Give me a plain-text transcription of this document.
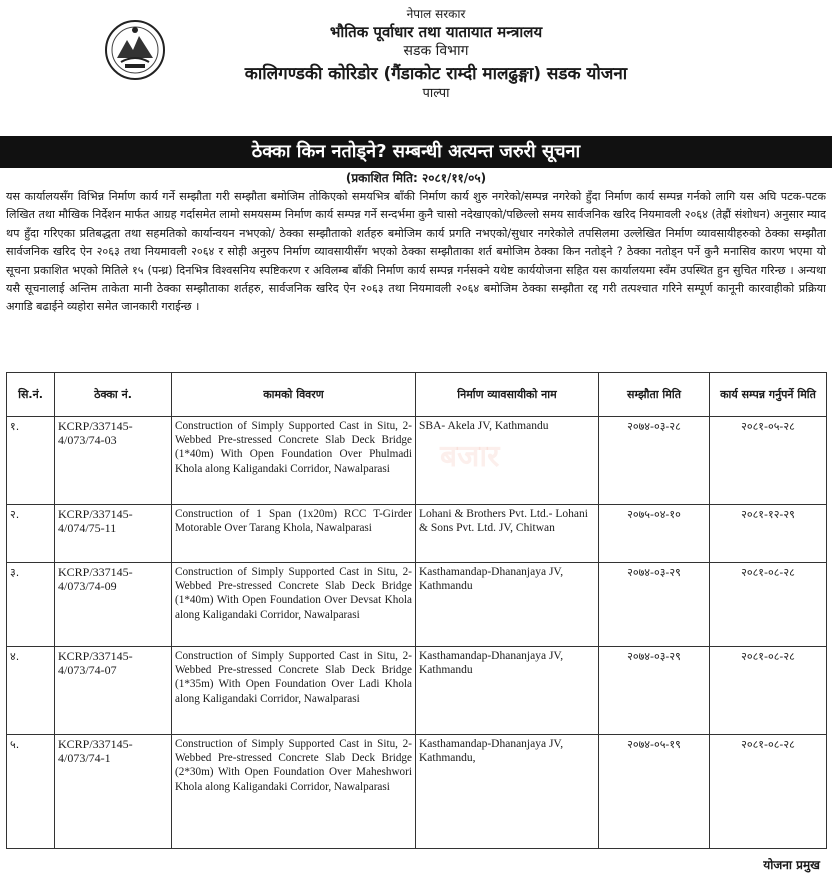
नेपाल सरकार
भौतिक पूर्वाधार तथा यातायात मन्त्रालय
सडक विभाग
कालिगण्डकी कोरिडोर (गैंडाकोट राम्दी मालढुङ्गा) सडक योजना
पाल्पा
ठेक्का किन नतोड्ने? सम्बन्धी अत्यन्त जरुरी सूचना
(प्रकाशित मिति: २०८१/११/०५)
यस कार्यालयसँग विभिन्न निर्माण कार्य गर्ने सम्झौता गरी सम्झौता बमोजिम तोकिएको समयभित्र बाँकी निर्माण कार्य शुरु नगरेको/सम्पन्न नगरेको हुँदा निर्माण कार्य सम्पन्न गर्नको लागि यस अघि पटक-पटक लिखित तथा मौखिक निर्देशन मार्फत आग्रह गर्दासमेत लामो समयसम्म निर्माण कार्य सम्पन्न गर्ने सन्दर्भमा कुनै चासो नदेखाएको/पछिल्लो समय सार्वजनिक खरिद नियमावली २०६४ (तेह्रौं संशोधन) अनुसार म्याद थप हुँदा गरिएका प्रतिबद्धता तथा सहमतिको कार्यान्वयन नभएको/ ठेक्का सम्झौताको शर्तहरु बमोजिम कार्य प्रगति नभएको/सुधार नगरेकोले तपसिलमा उल्लेखित निर्माण व्यावसायीहरुको ठेक्का सम्झौता सार्वजनिक खरिद ऐन २०६३ तथा नियमावली २०६४ र सोही अनुरुप निर्माण व्यावसायीसँग भएको ठेक्का सम्झौताका शर्त बमोजिम ठेक्का किन नतोड्ने ? ठेक्का नतोड्न पर्ने कुनै मनासिव कारण भएमा यो सूचना प्रकाशित भएको मितिले १५ (पन्ध्र) दिनभित्र विश्वसनिय स्पष्टिकरण र अविलम्ब बाँकी निर्माण कार्य सम्पन्न गर्नसक्ने यथेष्ट कार्ययोजना सहित यस कार्यालयमा स्वँम उपस्थित हुन सुचित गरिन्छ । अन्यथा यसै सूचनालाई अन्तिम ताकेता मानी ठेक्का सम्झौताका शर्तहरु, सार्वजनिक खरिद ऐन २०६३ तथा नियमावली २०६४ बमोजिम ठेक्का सम्झौता रद्द गरी तत्पश्चात गरिने सम्पूर्ण कानूनी कारवाहीको प्रक्रिया अगाडि बढाईने व्यहोरा समेत जानकारी गराईन्छ ।
बजार
सि.नं.	ठेक्का नं.	कामको विवरण	निर्माण व्यावसायीको नाम	सम्झौता मिति	कार्य सम्पन्न गर्नुपर्ने मिति
१.	KCRP/337145-4/073/74-03	Construction of Simply Supported Cast in Situ, 2- Webbed Pre-stressed Concrete Slab Deck Bridge (1*40m) With Open Foundation Over Phulmadi Khola along Kaligandaki Corridor, Nawalparasi	SBA- Akela JV, Kathmandu	२०७४-०३-२८	२०८१-०५-२८
२.	KCRP/337145-4/074/75-11	Construction of 1 Span (1x20m) RCC T-Girder Motorable Over Tarang Khola, Nawalparasi	Lohani & Brothers Pvt. Ltd.- Lohani & Sons Pvt. Ltd. JV, Chitwan	२०७५-०४-१०	२०८१-१२-२९
३.	KCRP/337145-4/073/74-09	Construction of Simply Supported Cast in Situ, 2- Webbed Pre-stressed Concrete Slab Deck Bridge (1*40m) With Open Foundation Over Devsat Khola along Kaligandaki Corridor, Nawalparasi	Kasthamandap-Dhananjaya JV, Kathmandu	२०७४-०३-२९	२०८१-०८-२८
४.	KCRP/337145-4/073/74-07	Construction of Simply Supported Cast in Situ, 2- Webbed Pre-stressed Concrete Slab Deck Bridge (1*35m) With Open Foundation Over Ladi Khola along Kaligandaki Corridor, Nawalparasi	Kasthamandap-Dhananjaya JV, Kathmandu	२०७४-०३-२९	२०८१-०८-२८
५.	KCRP/337145-4/073/74-1	Construction of Simply Supported Cast in Situ, 2- Webbed Pre-stressed Concrete Slab Deck Bridge (2*30m) With Open Foundation Over Maheshwori Khola along Kaligandaki Corridor, Nawalparasi	Kasthamandap-Dhananjaya JV, Kathmandu,	२०७४-०५-१९	२०८१-०८-२८
योजना प्रमुख
